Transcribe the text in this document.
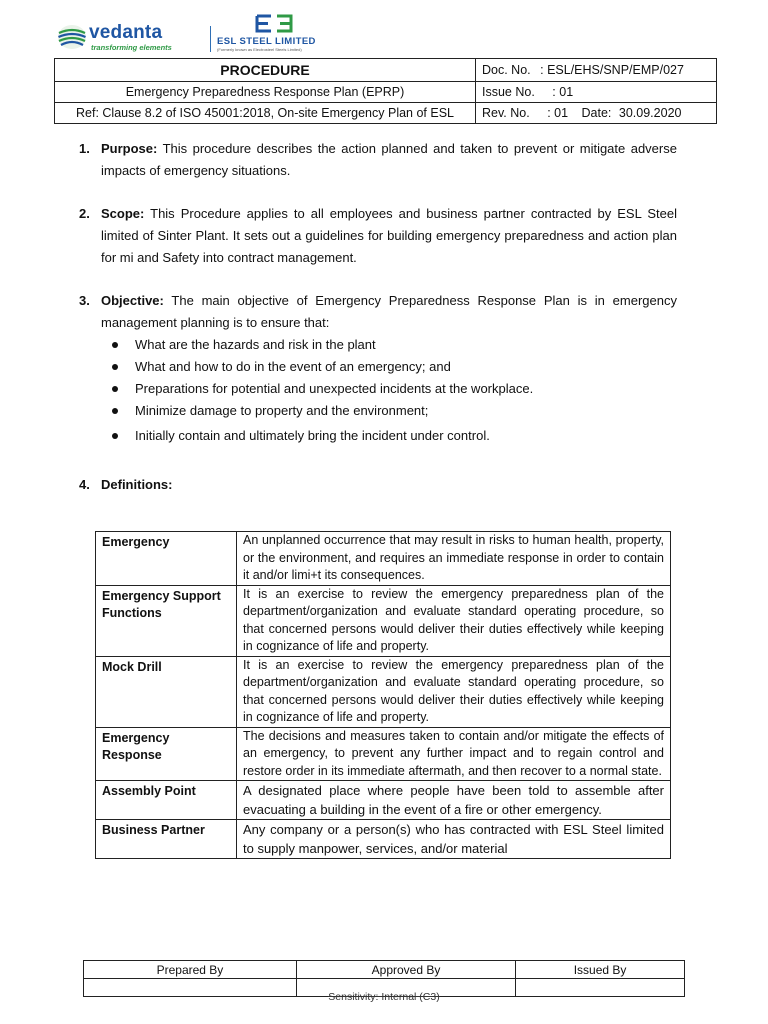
vedanta
transforming elements
ESL STEEL LIMITED
(Formerly known as Electrosteel Steels Limited)
PROCEDURE	Doc. No. : ESL/EHS/SNP/EMP/027
Emergency Preparedness Response Plan (EPRP)	Issue No. : 01
Ref: Clause 8.2 of ISO 45001:2018, On-site Emergency Plan of ESL	Rev. No. : 01 Date: 30.09.2020
1. Purpose: This procedure describes the action planned and taken to prevent or mitigate adverse impacts of emergency situations.
2. Scope: This Procedure applies to all employees and business partner contracted by ESL Steel limited of Sinter Plant. It sets out a guidelines for building emergency preparedness and action plan for mi and Safety into contract management.
3. Objective: The main objective of Emergency Preparedness Response Plan is in emergency management planning is to ensure that:
What are the hazards and risk in the plant
What and how to do in the event of an emergency; and
Preparations for potential and unexpected incidents at the workplace.
Minimize damage to property and the environment;
Initially contain and ultimately bring the incident under control.
4. Definitions:
Emergency	An unplanned occurrence that may result in risks to human health, property, or the environment, and requires an immediate response in order to contain it and/or limi+t its consequences.
Emergency Support Functions	It is an exercise to review the emergency preparedness plan of the department/organization and evaluate standard operating procedure, so that concerned persons would deliver their duties effectively while keeping in cognizance of life and property.
Mock Drill	It is an exercise to review the emergency preparedness plan of the department/organization and evaluate standard operating procedure, so that concerned persons would deliver their duties effectively while keeping in cognizance of life and property.
Emergency Response	The decisions and measures taken to contain and/or mitigate the effects of an emergency, to prevent any further impact and to regain control and restore order in its immediate aftermath, and then recover to a normal state.
Assembly Point	A designated place where people have been told to assemble after evacuating a building in the event of a fire or other emergency.
Business Partner	Any company or a person(s) who has contracted with ESL Steel limited to supply manpower, services, and/or material
Prepared By	Approved By	Issued By

Sensitivity: Internal (C3)
